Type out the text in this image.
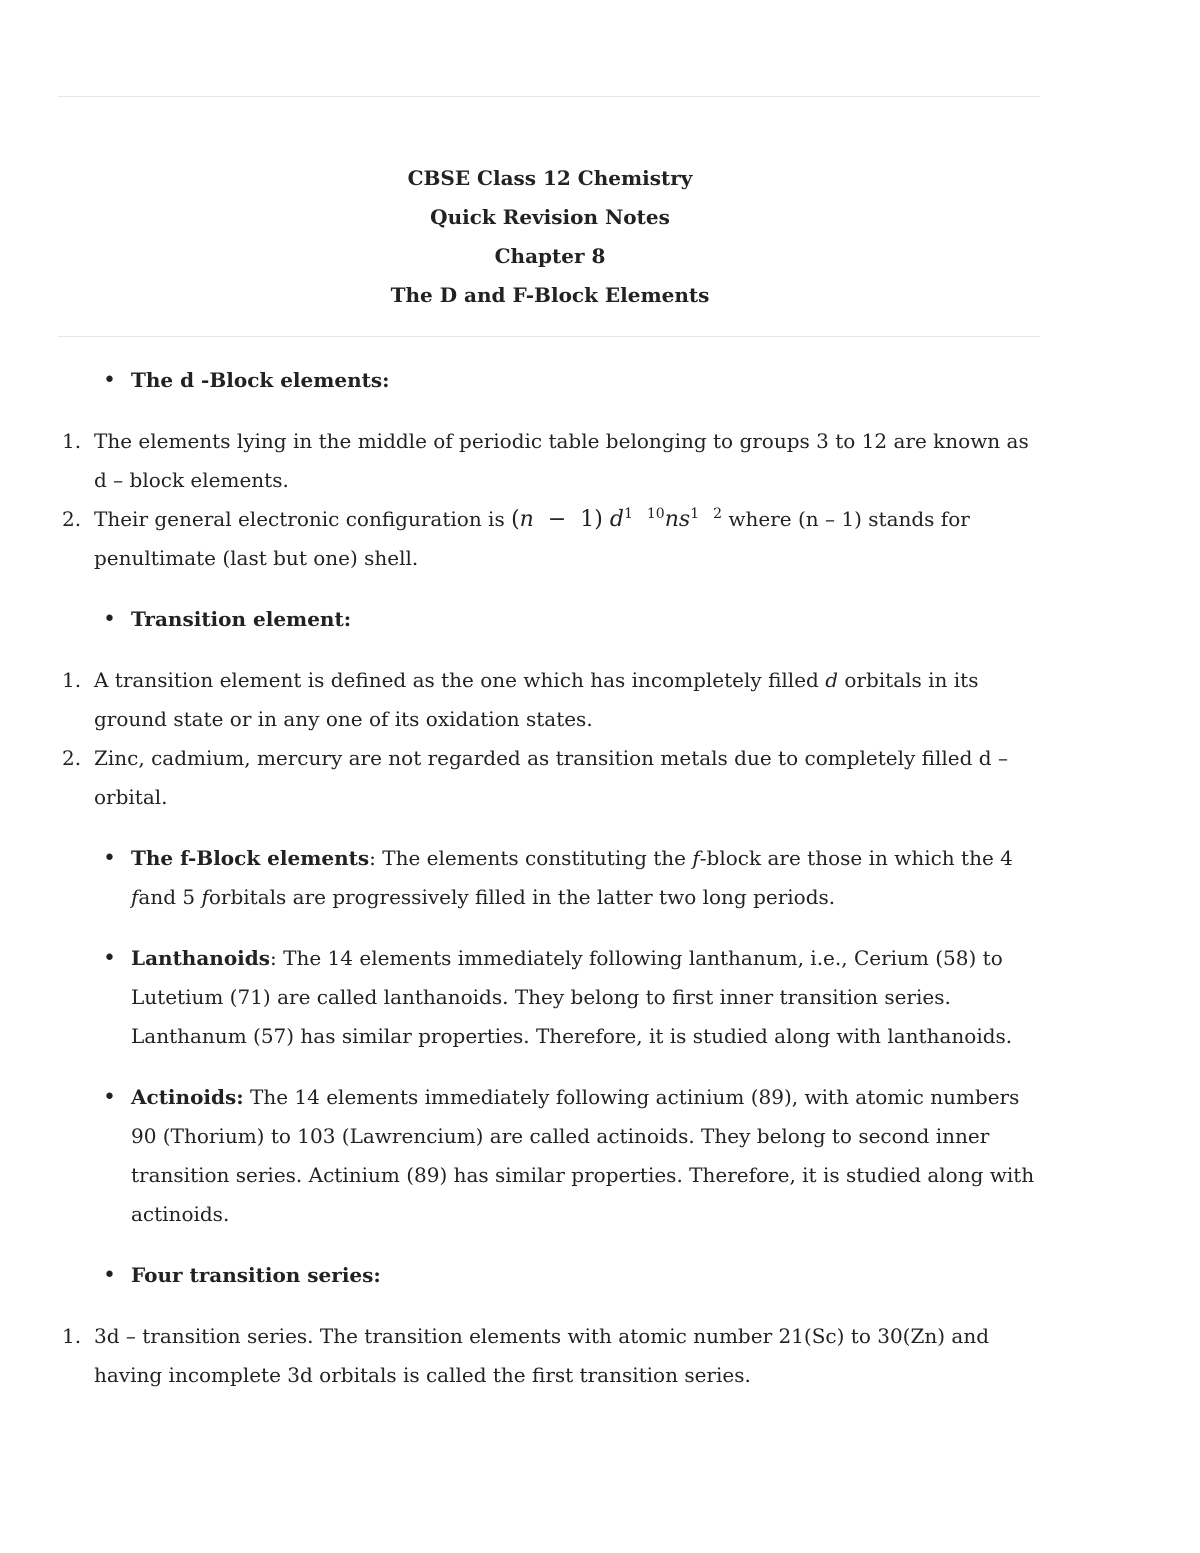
CBSE Class 12 Chemistry
Quick Revision Notes
Chapter 8
The D and F-Block Elements
• The d -Block elements:
1. The elements lying in the middle of periodic table belonging to groups 3 to 12 are known as d – block elements.
2. Their general electronic configuration is (n − 1) $d^1$ $^{10}ns^1$ $^2$ where (n – 1) stands for penultimate (last but one) shell.
• Transition element:
1. A transition element is defined as the one which has incompletely filled d orbitals in its ground state or in any one of its oxidation states.
2. Zinc, cadmium, mercury are not regarded as transition metals due to completely filled d – orbital.
• The f-Block elements: The elements constituting the f-block are those in which the 4 fand 5 forbitals are progressively filled in the latter two long periods.
• Lanthanoids: The 14 elements immediately following lanthanum, i.e., Cerium (58) to Lutetium (71) are called lanthanoids. They belong to first inner transition series. Lanthanum (57) has similar properties. Therefore, it is studied along with lanthanoids.
• Actinoids: The 14 elements immediately following actinium (89), with atomic numbers 90 (Thorium) to 103 (Lawrencium) are called actinoids. They belong to second inner transition series. Actinium (89) has similar properties. Therefore, it is studied along with actinoids.
• Four transition series:
1. 3d – transition series. The transition elements with atomic number 21(Sc) to 30(Zn) and having incomplete 3d orbitals is called the first transition series.
